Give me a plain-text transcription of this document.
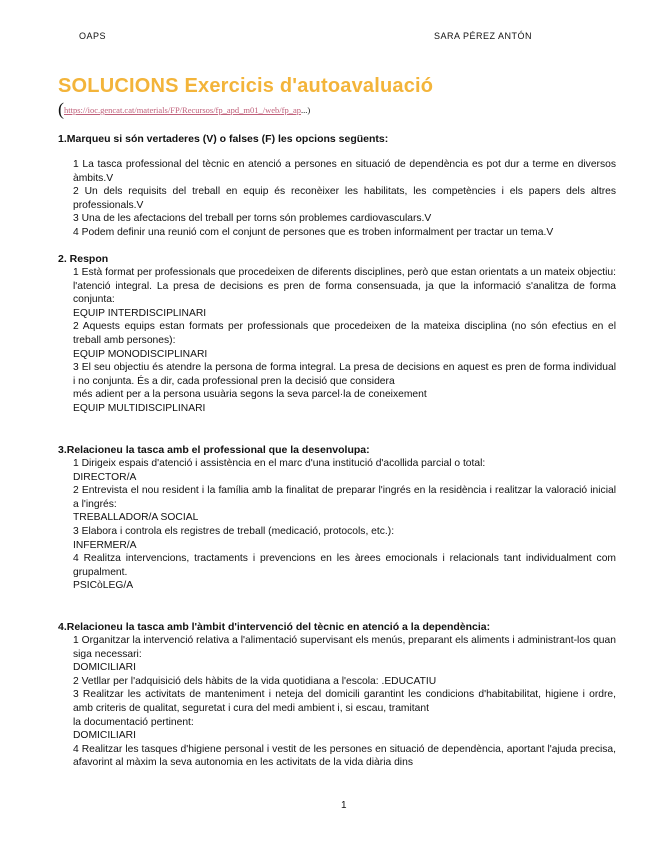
OAPS	SARA PÉREZ ANTÓN
SOLUCIONS Exercicis d'autoavaluació
(https://ioc.gencat.cat/materials/FP/Recursos/fp_apd_m01_/web/fp_ap...)
1.Marqueu si són vertaderes (V) o falses (F) les opcions següents:

1 La tasca professional del tècnic en atenció a persones en situació de dependència es pot dur a terme en diversos àmbits.V

2 Un dels requisits del treball en equip és reconèixer les habilitats, les competències i els papers dels altres professionals.V

3 Una de les afectacions del treball per torns són problemes cardiovasculars.V

4 Podem definir una reunió com el conjunt de persones que es troben informalment per tractar un tema.V

2. Respon

1 Està format per professionals que procedeixen de diferents disciplines, però que estan orientats a un mateix objectiu: l'atenció integral. La presa de decisions es pren de forma consensuada, ja que la informació s'analitza de forma conjunta:

EQUIP INTERDISCIPLINARI

2 Aquests equips estan formats per professionals que procedeixen de la mateixa disciplina (no són efectius en el treball amb persones):

EQUIP MONODISCIPLINARI

3 El seu objectiu és atendre la persona de forma integral. La presa de decisions en aquest es pren de forma individual i no conjunta. És a dir, cada professional pren la decisió que considera

més adient per a la persona usuària segons la seva parcel·la de coneixement

EQUIP MULTIDISCIPLINARI

3.Relacioneu la tasca amb el professional que la desenvolupa:

1 Dirigeix espais d'atenció i assistència en el marc d'una institució d'acollida parcial o total:

DIRECTOR/A

2 Entrevista el nou resident i la família amb la finalitat de preparar l'ingrés en la residència i realitzar la valoració inicial a l'ingrés:

TREBALLADOR/A SOCIAL

3 Elabora i controla els registres de treball (medicació, protocols, etc.):

INFERMER/A

4 Realitza intervencions, tractaments i prevencions en les àrees emocionals i relacionals tant individualment com grupalment.

PSICòLEG/A

4.Relacioneu la tasca amb l'àmbit d'intervenció del tècnic en atenció a la dependència:

1 Organitzar la intervenció relativa a l'alimentació supervisant els menús, preparant els aliments i administrant-los quan siga necessari:

DOMICILIARI

2 Vetllar per l'adquisició dels hàbits de la vida quotidiana a l'escola: .EDUCATIU

3 Realitzar les activitats de manteniment i neteja del domicili garantint les condicions d'habitabilitat, higiene i ordre, amb criteris de qualitat, seguretat i cura del medi ambient i, si escau, tramitant

la documentació pertinent:

DOMICILIARI

4 Realitzar les tasques d'higiene personal i vestit de les persones en situació de dependència, aportant l'ajuda precisa, afavorint al màxim la seva autonomia en les activitats de la vida diària dins

1
